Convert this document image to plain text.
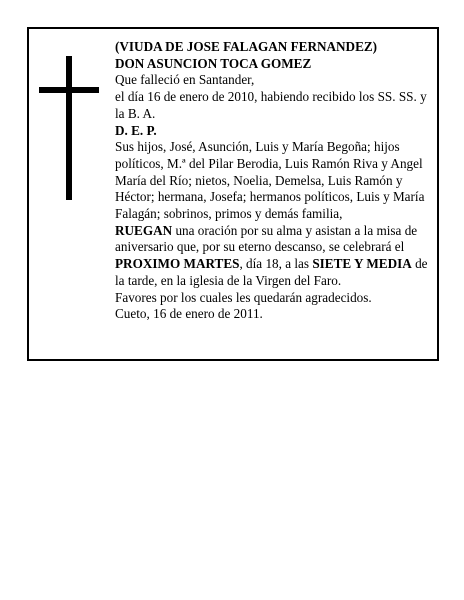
(VIUDA DE JOSE FALAGAN FERNANDEZ)

DON ASUNCION TOCA GOMEZ

Que falleció en Santander,

el día 16 de enero de 2010, habiendo recibido los SS. SS. y la B. A.

D. E. P.

Sus hijos, José, Asunción, Luis y María Begoña; hijos políticos, M.ª del Pilar Berodia, Luis Ramón Riva y Angel María del Río; nietos, Noelia, Demelsa, Luis Ramón y Héctor; hermana, Josefa; hermanos políticos, Luis y María Falagán; sobrinos, primos y demás familia,

RUEGAN una oración por su alma y asistan a la misa de aniversario que, por su eterno descanso, se celebrará el PROXIMO MARTES, día 18, a las SIETE Y MEDIA de la tarde, en la iglesia de la Virgen del Faro.

Favores por los cuales les quedarán agradecidos.

Cueto, 16 de enero de 2011.
